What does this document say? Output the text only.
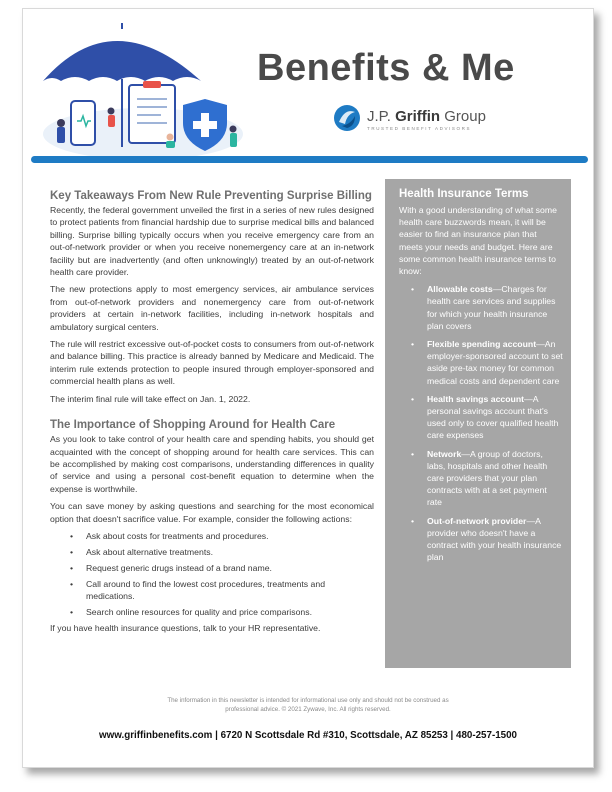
Benefits & Me
J.P. Griffin Group
TRUSTED BENEFIT ADVISORS
Key Takeaways From New Rule Preventing Surprise Billing

Recently, the federal government unveiled the first in a series of new rules designed to protect patients from financial hardship due to surprise medical bills and balanced billing. Surprise billing typically occurs when you receive emergency care from an out-of-network provider or when you receive nonemergency care at an in-network facility but are inadvertently (and often unknowingly) treated by an out-of-network health care provider.

The new protections apply to most emergency services, air ambulance services from out-of-network providers and nonemergency care from out-of-network providers at certain in-network facilities, including in-network hospitals and ambulatory surgical centers.

The rule will restrict excessive out-of-pocket costs to consumers from out-of-network and balance billing. This practice is already banned by Medicare and Medicaid. The interim rule extends protection to people insured through employer-sponsored and commercial health plans as well.

The interim final rule will take effect on Jan. 1, 2022.

The Importance of Shopping Around for Health Care

As you look to take control of your health care and spending habits, you should get acquainted with the concept of shopping around for health care services. This can be accomplished by making cost comparisons, understanding differences in quality of service and using a personal cost-benefit equation to determine when the expense is worthwhile.

You can save money by asking questions and searching for the most economical option that doesn't sacrifice value. For example, consider the following actions:

• Ask about costs for treatments and procedures.
• Ask about alternative treatments.
• Request generic drugs instead of a brand name.
• Call around to find the lowest cost procedures, treatments and medications.
• Search online resources for quality and price comparisons.

If you have health insurance questions, talk to your HR representative.

Health Insurance Terms
With a good understanding of what some health care buzzwords mean, it will be easier to find an insurance plan that meets your needs and budget. Here are some common health insurance terms to know:
• Allowable costs—Charges for health care services and supplies for which your health insurance plan covers
• Flexible spending account—An employer-sponsored account to set aside pre-tax money for common medical costs and dependent care
• Health savings account—A personal savings account that's used only to cover qualified health care expenses
• Network—A group of doctors, labs, hospitals and other health care providers that your plan contracts with at a set payment rate
• Out-of-network provider—A provider who doesn't have a contract with your health insurance plan
The information in this newsletter is intended for informational use only and should not be construed as
professional advice. © 2021 Zywave, Inc. All rights reserved.
www.griffinbenefits.com | 6720 N Scottsdale Rd #310, Scottsdale, AZ 85253 | 480-257-1500
